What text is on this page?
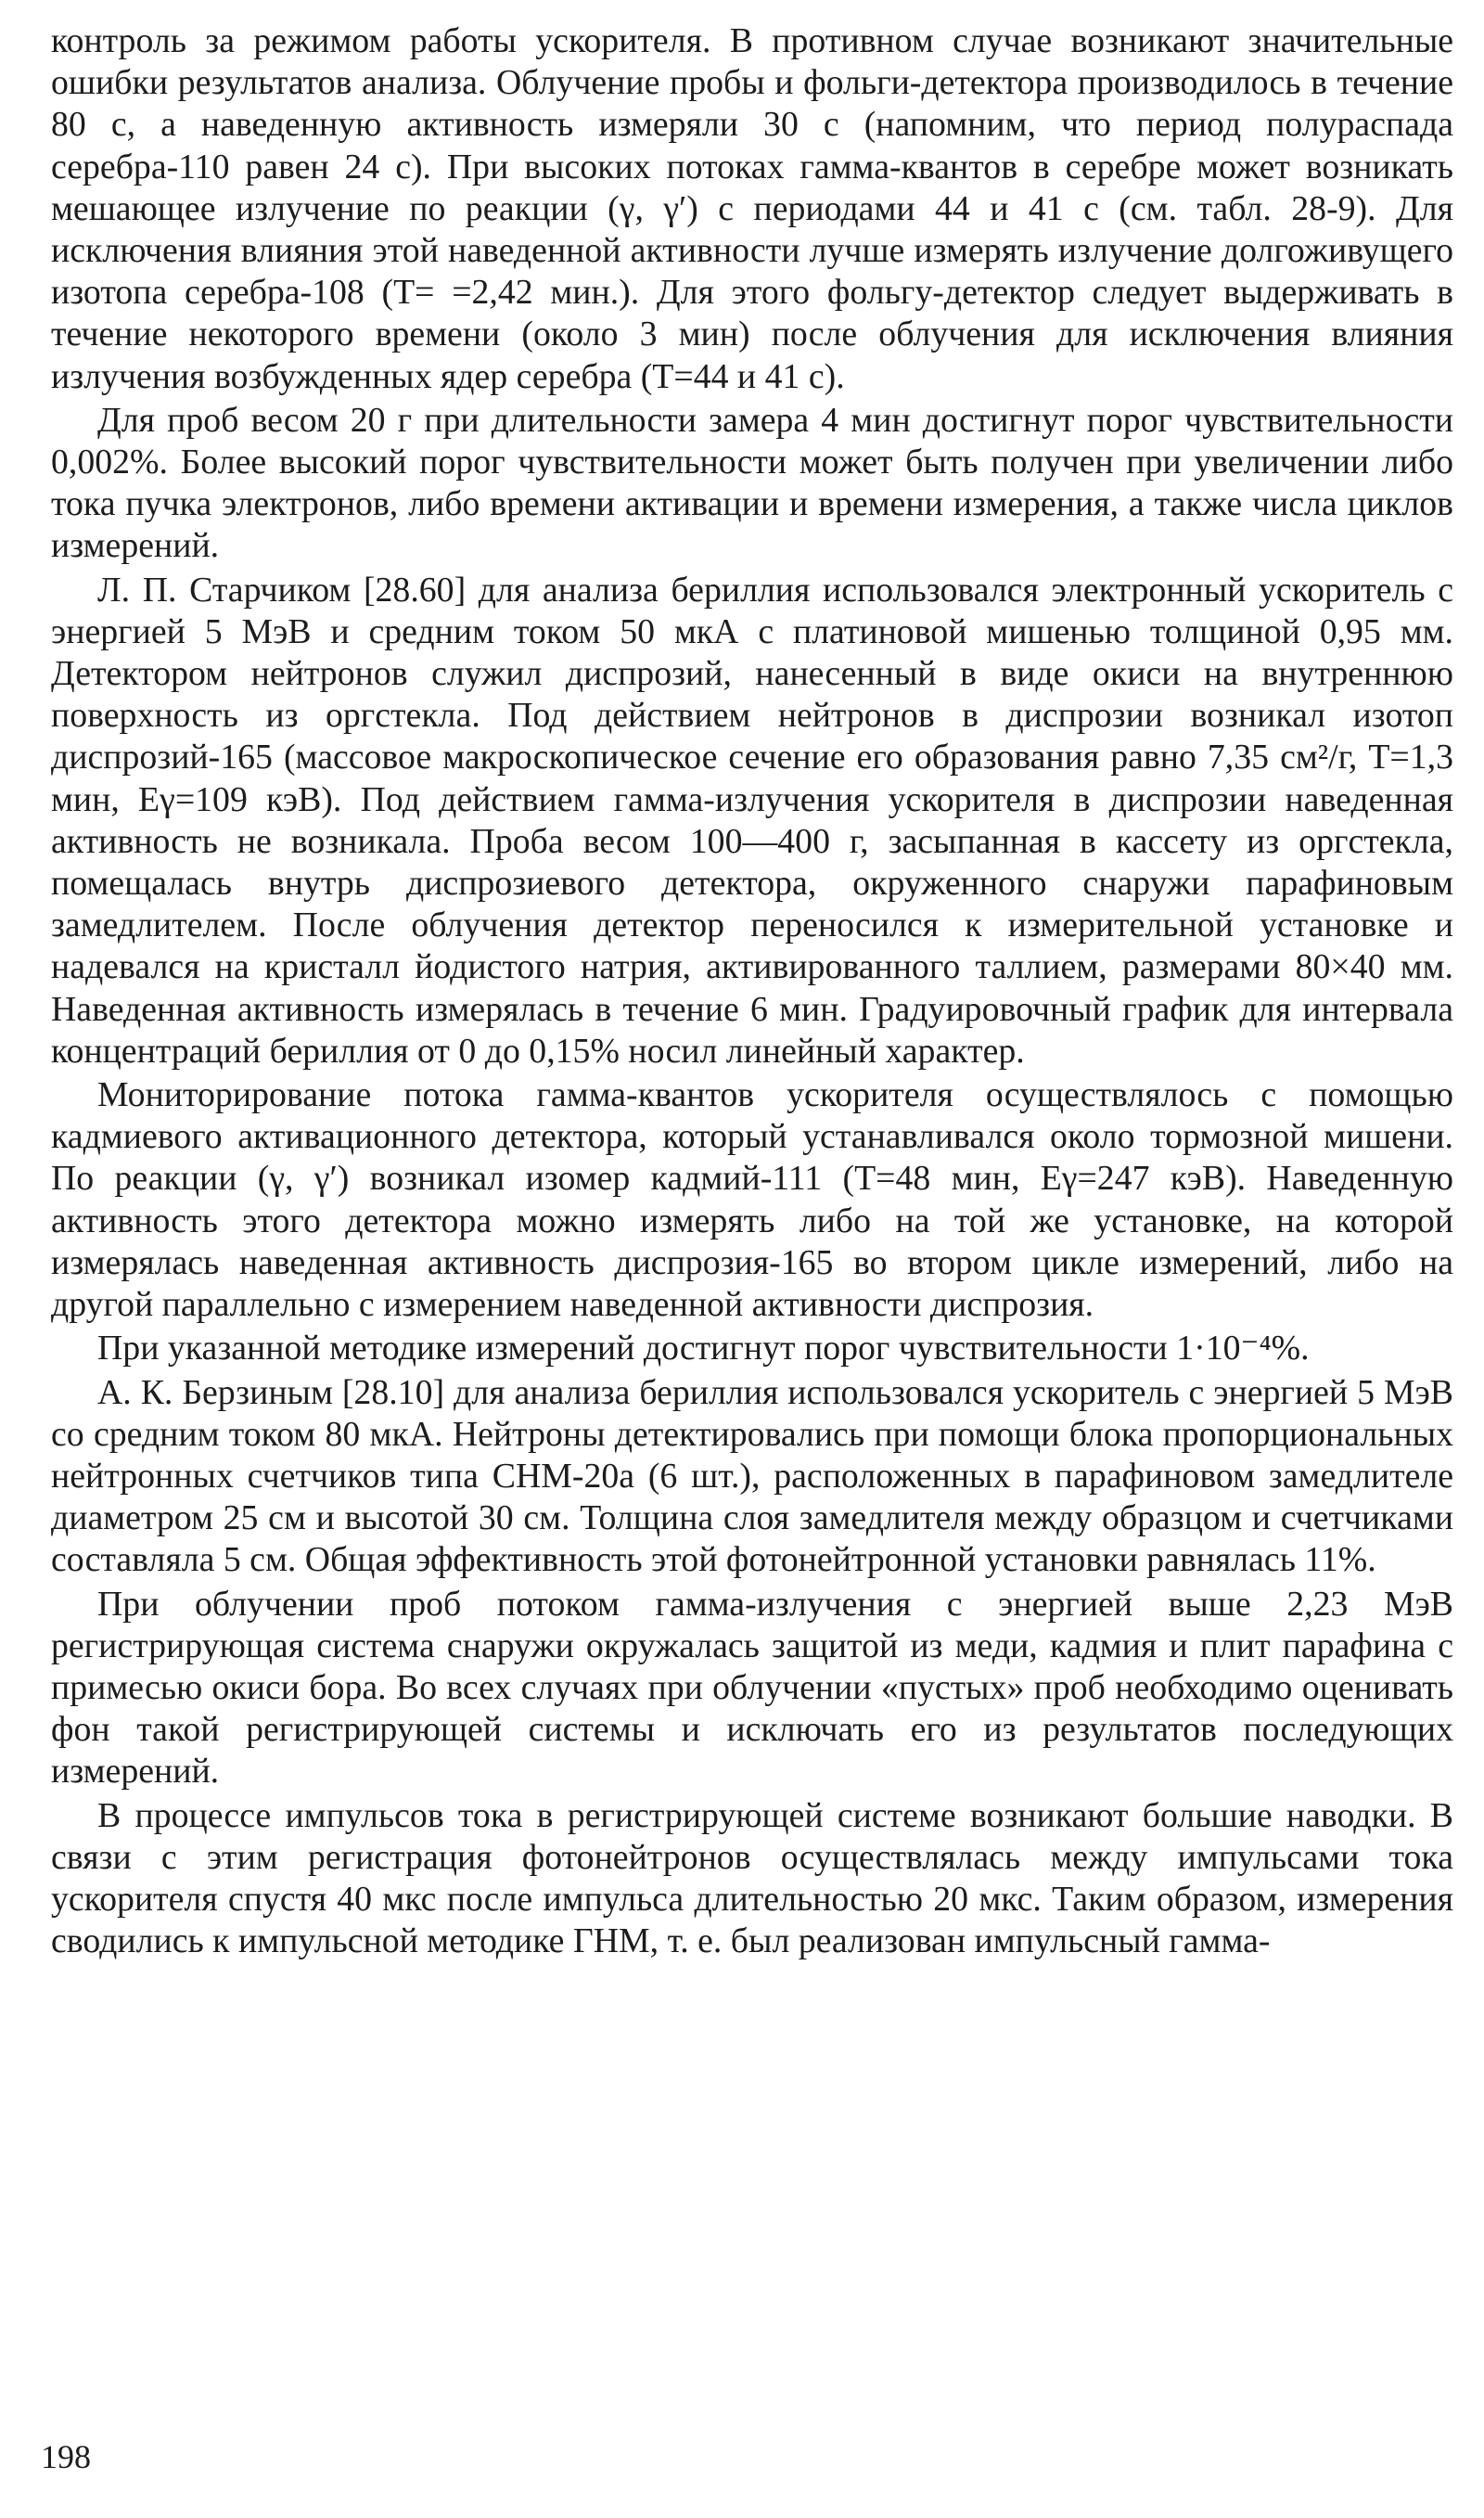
контроль за режимом работы ускорителя. В противном случае возникают значительные ошибки результатов анализа. Облучение пробы и фольги-детектора производилось в течение 80 с, а наведенную активность измеряли 30 с (напомним, что период полураспада серебра-110 равен 24 с). При высоких потоках гамма-квантов в серебре может возникать мешающее излучение по реакции (γ, γ′) с периодами 44 и 41 с (см. табл. 28-9). Для исключения влияния этой наведенной активности лучше измерять излучение долгоживущего изотопа серебра-108 (T= =2,42 мин.). Для этого фольгу-детектор следует выдерживать в течение некоторого времени (около 3 мин) после облучения для исключения влияния излучения возбужденных ядер серебра (T=44 и 41 с).

Для проб весом 20 г при длительности замера 4 мин достигнут порог чувствительности 0,002%. Более высокий порог чувствительности может быть получен при увеличении либо тока пучка электронов, либо времени активации и времени измерения, а также числа циклов измерений.

Л. П. Старчиком [28.60] для анализа бериллия использовался электронный ускоритель с энергией 5 МэВ и средним током 50 мкА с платиновой мишенью толщиной 0,95 мм. Детектором нейтронов служил диспрозий, нанесенный в виде окиси на внутреннюю поверхность из оргстекла. Под действием нейтронов в диспрозии возникал изотоп диспрозий-165 (массовое макроскопическое сечение его образования равно 7,35 см²/г, T=1,3 мин, Eγ=109 кэВ). Под действием гамма-излучения ускорителя в диспрозии наведенная активность не возникала. Проба весом 100—400 г, засыпанная в кассету из оргстекла, помещалась внутрь диспрозиевого детектора, окруженного снаружи парафиновым замедлителем. После облучения детектор переносился к измерительной установке и надевался на кристалл йодистого натрия, активированного таллием, размерами 80×40 мм. Наведенная активность измерялась в течение 6 мин. Градуировочный график для интервала концентраций бериллия от 0 до 0,15% носил линейный характер.

Мониторирование потока гамма-квантов ускорителя осуществлялось с помощью кадмиевого активационного детектора, который устанавливался около тормозной мишени. По реакции (γ, γ′) возникал изомер кадмий-111 (T=48 мин, Eγ=247 кэВ). Наведенную активность этого детектора можно измерять либо на той же установке, на которой измерялась наведенная активность диспрозия-165 во втором цикле измерений, либо на другой параллельно с измерением наведенной активности диспрозия.

При указанной методике измерений достигнут порог чувствительности 1·10⁻⁴%.

А. К. Берзиным [28.10] для анализа бериллия использовался ускоритель с энергией 5 МэВ со средним током 80 мкА. Нейтроны детектировались при помощи блока пропорциональных нейтронных счетчиков типа СНМ-20а (6 шт.), расположенных в парафиновом замедлителе диаметром 25 см и высотой 30 см. Толщина слоя замедлителя между образцом и счетчиками составляла 5 см. Общая эффективность этой фотонейтронной установки равнялась 11%.

При облучении проб потоком гамма-излучения с энергией выше 2,23 МэВ регистрирующая система снаружи окружалась защитой из меди, кадмия и плит парафина с примесью окиси бора. Во всех случаях при облучении «пустых» проб необходимо оценивать фон такой регистрирующей системы и исключать его из результатов последующих измерений.

В процессе импульсов тока в регистрирующей системе возникают большие наводки. В связи с этим регистрация фотонейтронов осуществлялась между импульсами тока ускорителя спустя 40 мкс после импульса длительностью 20 мкс. Таким образом, измерения сводились к импульсной методике ГНМ, т. е. был реализован импульсный гамма-

198
